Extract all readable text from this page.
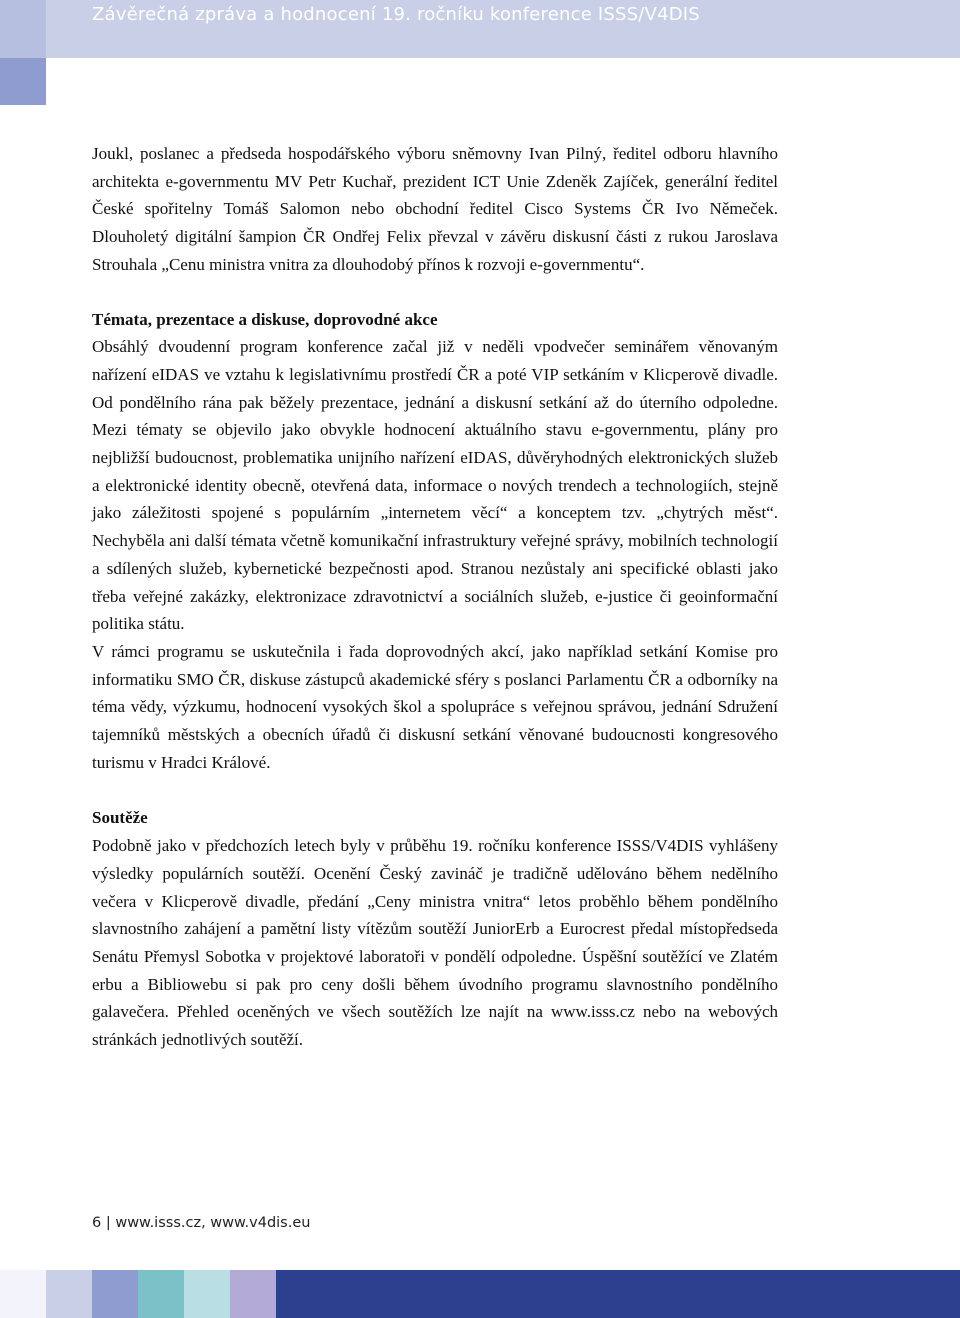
Závěrečná zpráva a hodnocení 19. ročníku konference ISSS/V4DIS

Joukl, poslanec a předseda hospodářského výboru sněmovny Ivan Pilný, ředitel odboru hlavního architekta e-governmentu MV Petr Kuchař, prezident ICT Unie Zdeněk Zajíček, generální ředitel České spořitelny Tomáš Salomon nebo obchodní ředitel Cisco Systems ČR Ivo Němeček. Dlouholetý digitální šampion ČR Ondřej Felix převzal v závěru diskusní části z rukou Jaroslava Strouhala „Cenu ministra vnitra za dlouhodobý přínos k rozvoji e-governmentu“.

Témata, prezentace a diskuse, doprovodné akce

Obsáhlý dvoudenní program konference začal již v neděli vpodvečer seminářem věnovaným nařízení eIDAS ve vztahu k legislativnímu prostředí ČR a poté VIP setkáním v Klicperově divadle. Od pondělního rána pak běžely prezentace, jednání a diskusní setkání až do úterního odpoledne. Mezi tématy se objevilo jako obvykle hodnocení aktuálního stavu e-governmentu, plány pro nejbližší budoucnost, problematika unijního nařízení eIDAS, důvěryhodných elektronických služeb a elektronické identity obecně, otevřená data, informace o nových trendech a technologiích, stejně jako záležitosti spojené s populárním „internetem věcí“ a konceptem tzv. „chytrých měst“. Nechyběla ani další témata včetně komunikační infrastruktury veřejné správy, mobilních technologií a sdílených služeb, kybernetické bezpečnosti apod. Stranou nezůstaly ani specifické oblasti jako třeba veřejné zakázky, elektronizace zdravotnictví a sociálních služeb, e-justice či geoinformační politika státu.

V rámci programu se uskutečnila i řada doprovodných akcí, jako například setkání Komise pro informatiku SMO ČR, diskuse zástupců akademické sféry s poslanci Parlamentu ČR a odborníky na téma vědy, výzkumu, hodnocení vysokých škol a spolupráce s veřejnou správou, jednání Sdružení tajemníků městských a obecních úřadů či diskusní setkání věnované budoucnosti kongresového turismu v Hradci Králové.

Soutěže

Podobně jako v předchozích letech byly v průběhu 19. ročníku konference ISSS/V4DIS vyhlášeny výsledky populárních soutěží. Ocenění Český zavináč je tradičně udělováno během nedělního večera v Klicperově divadle, předání „Ceny ministra vnitra“ letos proběhlo během pondělního slavnostního zahájení a pamětní listy vítězům soutěží JuniorErb a Eurocrest předal místopředseda Senátu Přemysl Sobotka v projektové laboratoři v pondělí odpoledne. Úspěšní soutěžící ve Zlatém erbu a Bibliowebu si pak pro ceny došli během úvodního programu slavnostního pondělního galavečera. Přehled oceněných ve všech soutěžích lze najít na www.isss.cz nebo na webových stránkách jednotlivých soutěží.

6 | www.isss.cz, www.v4dis.eu
